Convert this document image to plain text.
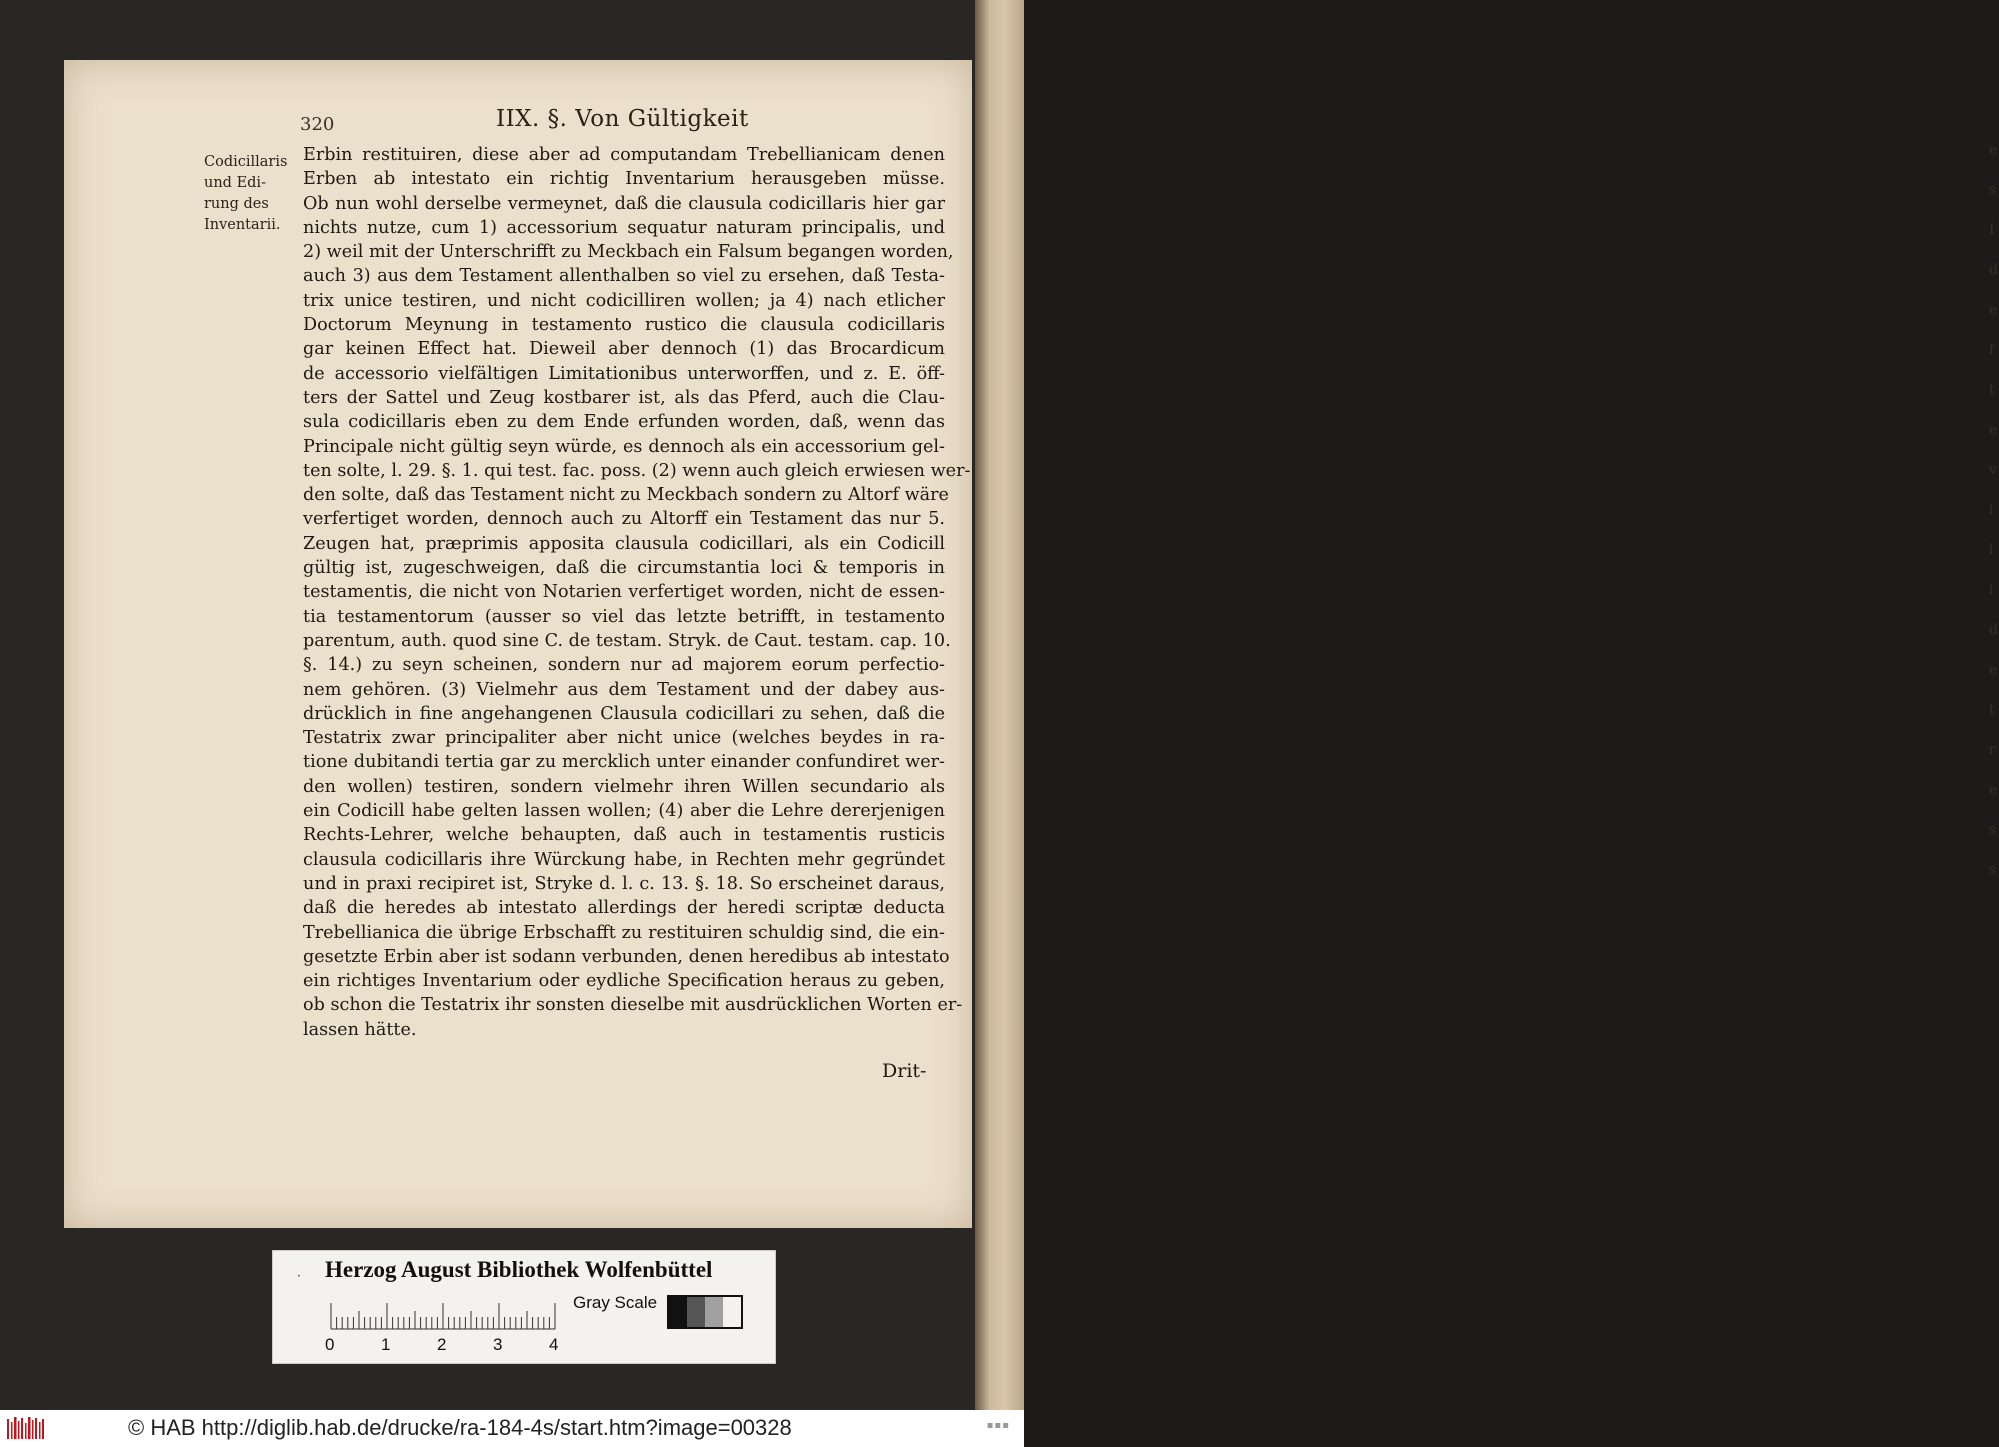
e
s
I
d
e
f
t
e
v
i
l
i
d
e
t
r
e
s
s
320	IIX. §. Von Gültigkeit
Codicillaris
und Edi-
rung des
Inventarii.
Erbin restituiren, diese aber ad computandam Trebellianicam denen
Erben ab intestato ein richtig Inventarium herausgeben müsse.
Ob nun wohl derselbe vermeynet, daß die clausula codicillaris hier gar
nichts nutze, cum 1) accessorium sequatur naturam principalis, und
2) weil mit der Unterschrifft zu Meckbach ein Falsum begangen worden,
auch 3) aus dem Testament allenthalben so viel zu ersehen, daß Testa-
trix unice testiren, und nicht codicilliren wollen; ja 4) nach etlicher
Doctorum Meynung in testamento rustico die clausula codicillaris
gar keinen Effect hat. Dieweil aber dennoch (1) das Brocardicum
de accessorio vielfältigen Limitationibus unterworffen, und z. E. öff-
ters der Sattel und Zeug kostbarer ist, als das Pferd, auch die Clau-
sula codicillaris eben zu dem Ende erfunden worden, daß, wenn das
Principale nicht gültig seyn würde, es dennoch als ein accessorium gel-
ten solte, l. 29. §. 1. qui test. fac. poss. (2) wenn auch gleich erwiesen wer-
den solte, daß das Testament nicht zu Meckbach sondern zu Altorf wäre
verfertiget worden, dennoch auch zu Altorff ein Testament das nur 5.
Zeugen hat, præprimis apposita clausula codicillari, als ein Codicill
gültig ist, zugeschweigen, daß die circumstantia loci & temporis in
testamentis, die nicht von Notarien verfertiget worden, nicht de essen-
tia testamentorum (ausser so viel das letzte betrifft, in testamento
parentum, auth. quod sine C. de testam. Stryk. de Caut. testam. cap. 10.
§. 14.) zu seyn scheinen, sondern nur ad majorem eorum perfectio-
nem gehören. (3) Vielmehr aus dem Testament und der dabey aus-
drücklich in fine angehangenen Clausula codicillari zu sehen, daß die
Testatrix zwar principaliter aber nicht unice (welches beydes in ra-
tione dubitandi tertia gar zu mercklich unter einander confundiret wer-
den wollen) testiren, sondern vielmehr ihren Willen secundario als
ein Codicill habe gelten lassen wollen; (4) aber die Lehre dererjenigen
Rechts-Lehrer, welche behaupten, daß auch in testamentis rusticis
clausula codicillaris ihre Würckung habe, in Rechten mehr gegründet
und in praxi recipiret ist, Stryke d. l. c. 13. §. 18. So erscheinet daraus,
daß die heredes ab intestato allerdings der heredi scriptæ deducta
Trebellianica die übrige Erbschafft zu restituiren schuldig sind, die ein-
gesetzte Erbin aber ist sodann verbunden, denen heredibus ab intestato
ein richtiges Inventarium oder eydliche Specification heraus zu geben,
ob schon die Testatrix ihr sonsten dieselbe mit ausdrücklichen Worten er-
lassen hätte.
Drit-
· Herzog August Bibliothek Wolfenbüttel
0	1	2	3	4
Gray Scale
© HAB http://diglib.hab.de/drucke/ra-184-4s/start.htm?image=00328	▪▪▪
